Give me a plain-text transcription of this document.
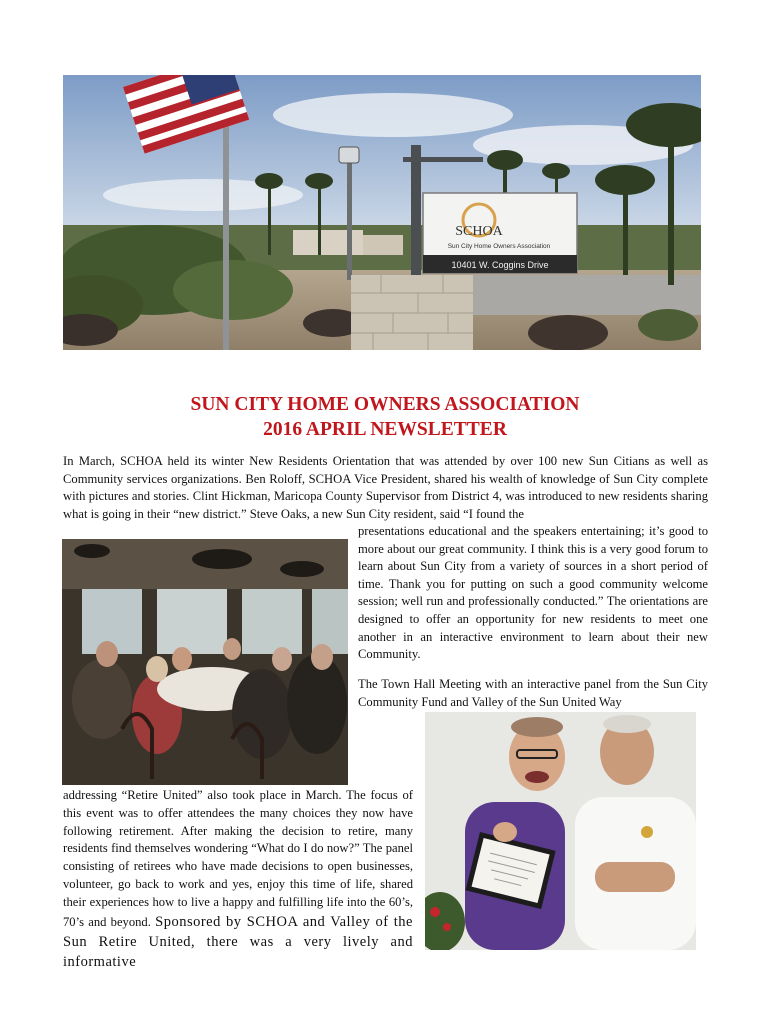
SCHOA
Sun City Home Owners Association
10401 W. Coggins Drive
SUN CITY HOME OWNERS ASSOCIATION
2016 APRIL NEWSLETTER

In March, SCHOA held its winter New Residents Orientation that was attended by over 100 new Sun Citians as well as Community services organizations. Ben Roloff, SCHOA Vice President, shared his wealth of knowledge of Sun City complete with pictures and stories. Clint Hickman, Maricopa County Supervisor from District 4, was introduced to new residents sharing what is going in their “new district.” Steve Oaks, a new Sun City resident, said “I found the

presentations educational and the speakers entertaining; it’s good to more about our great community. I think this is a very good forum to learn about Sun City from a variety of sources in a short period of time. Thank you for putting on such a good community welcome session; well run and professionally conducted.” The orientations are designed to offer an opportunity for new residents to meet one another in an interactive environment to learn about their new Community.

The Town Hall Meeting with an interactive panel from the Sun City Community Fund and Valley of the Sun United Way

addressing “Retire United” also took place in March. The focus of this event was to offer attendees the many choices they now have following retirement. After making the decision to retire, many residents find themselves wondering “What do I do now?” The panel consisting of retirees who have made decisions to open businesses, volunteer, go back to work and yes, enjoy this time of life, shared their experiences how to live a happy and fulfilling life into the 60’s, 70’s and beyond. Sponsored by SCHOA and Valley of the Sun Retire United, there was a very lively and informative
